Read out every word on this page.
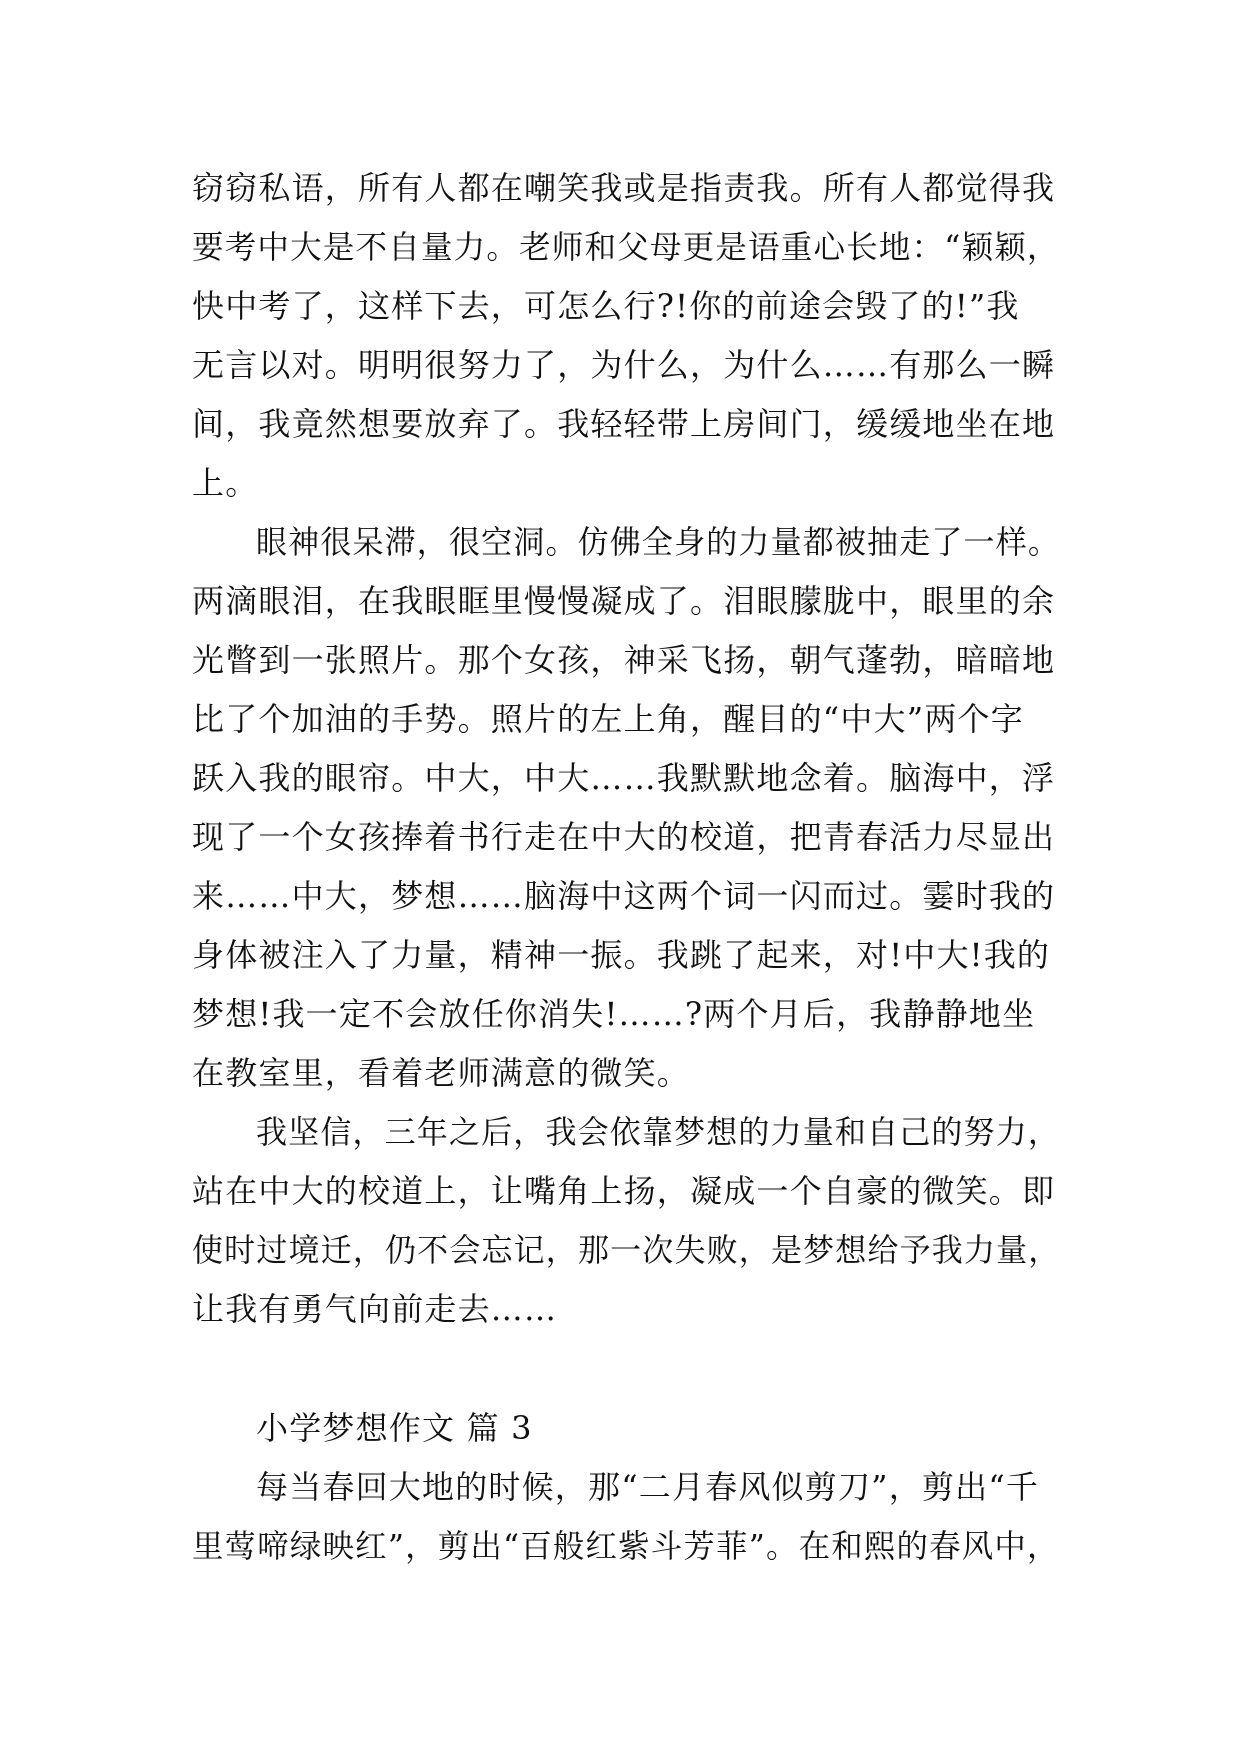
窃窃私语，所有人都在嘲笑我或是指责我。所有人都觉得我
要考中大是不自量力。老师和父母更是语重心长地：“颖颖，
快中考了，这样下去，可怎么行?!你的前途会毁了的!”我
无言以对。明明很努力了，为什么，为什么……有那么一瞬
间，我竟然想要放弃了。我轻轻带上房间门，缓缓地坐在地
上。
眼神很呆滞，很空洞。仿佛全身的力量都被抽走了一样。
两滴眼泪，在我眼眶里慢慢凝成了。泪眼朦胧中，眼里的余
光瞥到一张照片。那个女孩，神采飞扬，朝气蓬勃，暗暗地
比了个加油的手势。照片的左上角，醒目的“中大”两个字
跃入我的眼帘。中大，中大……我默默地念着。脑海中，浮
现了一个女孩捧着书行走在中大的校道，把青春活力尽显出
来……中大，梦想……脑海中这两个词一闪而过。霎时我的
身体被注入了力量，精神一振。我跳了起来，对!中大!我的
梦想!我一定不会放任你消失!……?两个月后，我静静地坐
在教室里，看着老师满意的微笑。
我坚信，三年之后，我会依靠梦想的力量和自己的努力，
站在中大的校道上，让嘴角上扬，凝成一个自豪的微笑。即
使时过境迁，仍不会忘记，那一次失败，是梦想给予我力量，
让我有勇气向前走去……
小学梦想作文 篇 3
每当春回大地的时候，那“二月春风似剪刀”，剪出“千
里莺啼绿映红”，剪出“百般红紫斗芳菲”。在和熙的春风中，
